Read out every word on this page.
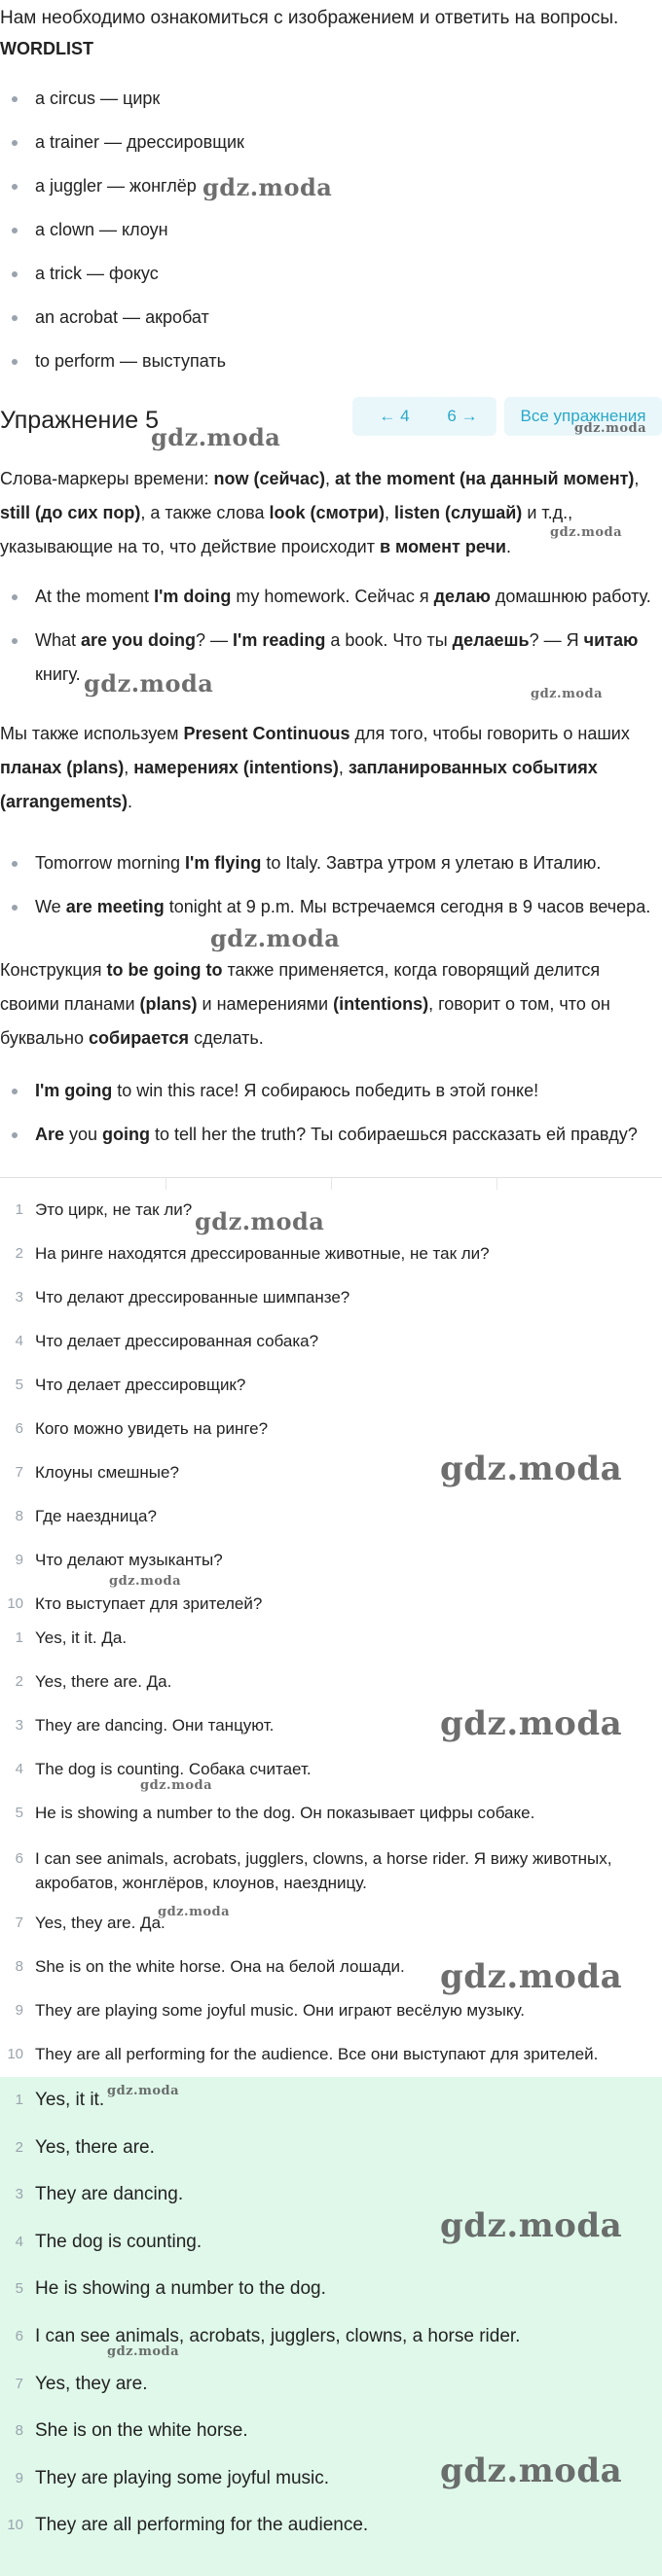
Нам необходимо ознакомиться с изображением и ответить на вопросы.
WORDLIST
a circus — цирк
a trainer — дрессировщик
a juggler — жонглёр
a clown — клоун
a trick — фокус
an acrobat — акробат
to perform — выступать
Упражнение 5	← 4	6 →	Все упражнения
Слова-маркеры времени: now (сейчас), at the moment (на данный момент), still (до сих пор), а также слова look (смотри), listen (слушай) и т.д., указывающие на то, что действие происходит в момент речи.
At the moment I'm doing my homework. Сейчас я делаю домашнюю работу.
What are you doing? — I'm reading a book. Что ты делаешь? — Я читаю книгу.
Мы также используем Present Continuous для того, чтобы говорить о наших планах (plans), намерениях (intentions), запланированных событиях (arrangements).
Tomorrow morning I'm flying to Italy. Завтра утром я улетаю в Италию.
We are meeting tonight at 9 p.m. Мы встречаемся сегодня в 9 часов вечера.
Конструкция to be going to также применяется, когда говорящий делится своими планами (plans) и намерениями (intentions), говорит о том, что он буквально собирается сделать.
I'm going to win this race! Я собираюсь победить в этой гонке!
Are you going to tell her the truth? Ты собираешься рассказать ей правду?
1 Это цирк, не так ли?
2 На ринге находятся дрессированные животные, не так ли?
3 Что делают дрессированные шимпанзе?
4 Что делает дрессированная собака?
5 Что делает дрессировщик?
6 Кого можно увидеть на ринге?
7 Клоуны смешные?
8 Где наездница?
9 Что делают музыканты?
10 Кто выступает для зрителей?
1 Yes, it it. Да.
2 Yes, there are. Да.
3 They are dancing. Они танцуют.
4 The dog is counting. Собака считает.
5 He is showing a number to the dog. Он показывает цифры собаке.
6 I can see animals, acrobats, jugglers, clowns, a horse rider. Я вижу животных, акробатов, жонглёров, клоунов, наездницу.
7 Yes, they are. Да.
8 She is on the white horse. Она на белой лошади.
9 They are playing some joyful music. Они играют весёлую музыку.
10 They are all performing for the audience. Все они выступают для зрителей.
1 Yes, it it.
2 Yes, there are.
3 They are dancing.
4 The dog is counting.
5 He is showing a number to the dog.
6 I can see animals, acrobats, jugglers, clowns, a horse rider.
7 Yes, they are.
8 She is on the white horse.
9 They are playing some joyful music.
10 They are all performing for the audience.
gdz.moda
gdz.moda	gdz.moda
gdz.moda
gdz.moda	gdz.moda
gdz.moda
gdz.moda
gdz.moda
gdz.moda
gdz.moda
gdz.moda
gdz.moda
gdz.moda
gdz.moda
gdz.moda
gdz.moda
gdz.moda
